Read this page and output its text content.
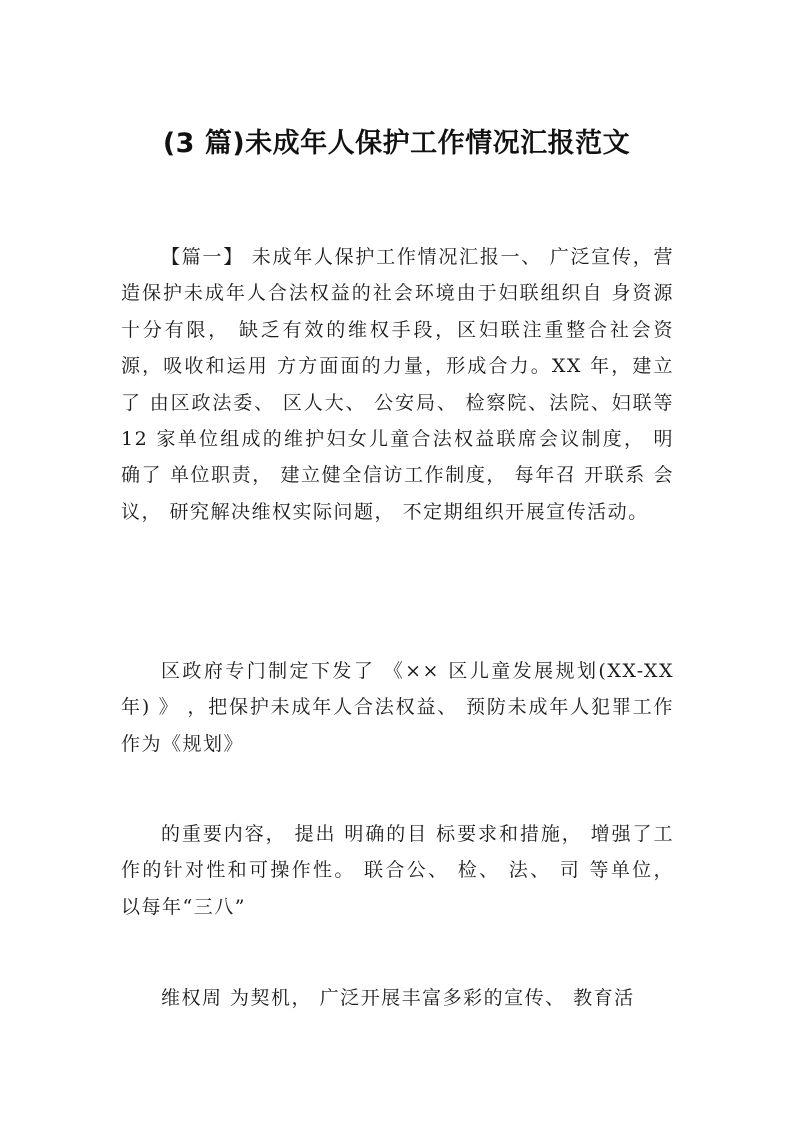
(3 篇)未成年人保护工作情况汇报范文

【篇一】 未成年人保护工作情况汇报一、 广泛宣传，营造保护未成年人合法权益的社会环境由于妇联组织自 身资源十分有限， 缺乏有效的维权手段，区妇联注重整合社会资源，吸收和运用 方方面面的力量，形成合力。XX 年，建立了 由区政法委、 区人大、 公安局、 检察院、法院、妇联等 12 家单位组成的维护妇女儿童合法权益联席会议制度， 明确了 单位职责， 建立健全信访工作制度， 每年召 开联系 会议， 研究解决维权实际问题， 不定期组织开展宣传活动。

区政府专门制定下发了 《×× 区儿童发展规划(XX-XX 年) 》 ，把保护未成年人合法权益、 预防未成年人犯罪工作作为《规划》

的重要内容， 提出 明确的目 标要求和措施， 增强了工作的针对性和可操作性。 联合公、 检、 法、 司 等单位， 以每年“三八”

维权周 为契机， 广泛开展丰富多彩的宣传、 教育活
